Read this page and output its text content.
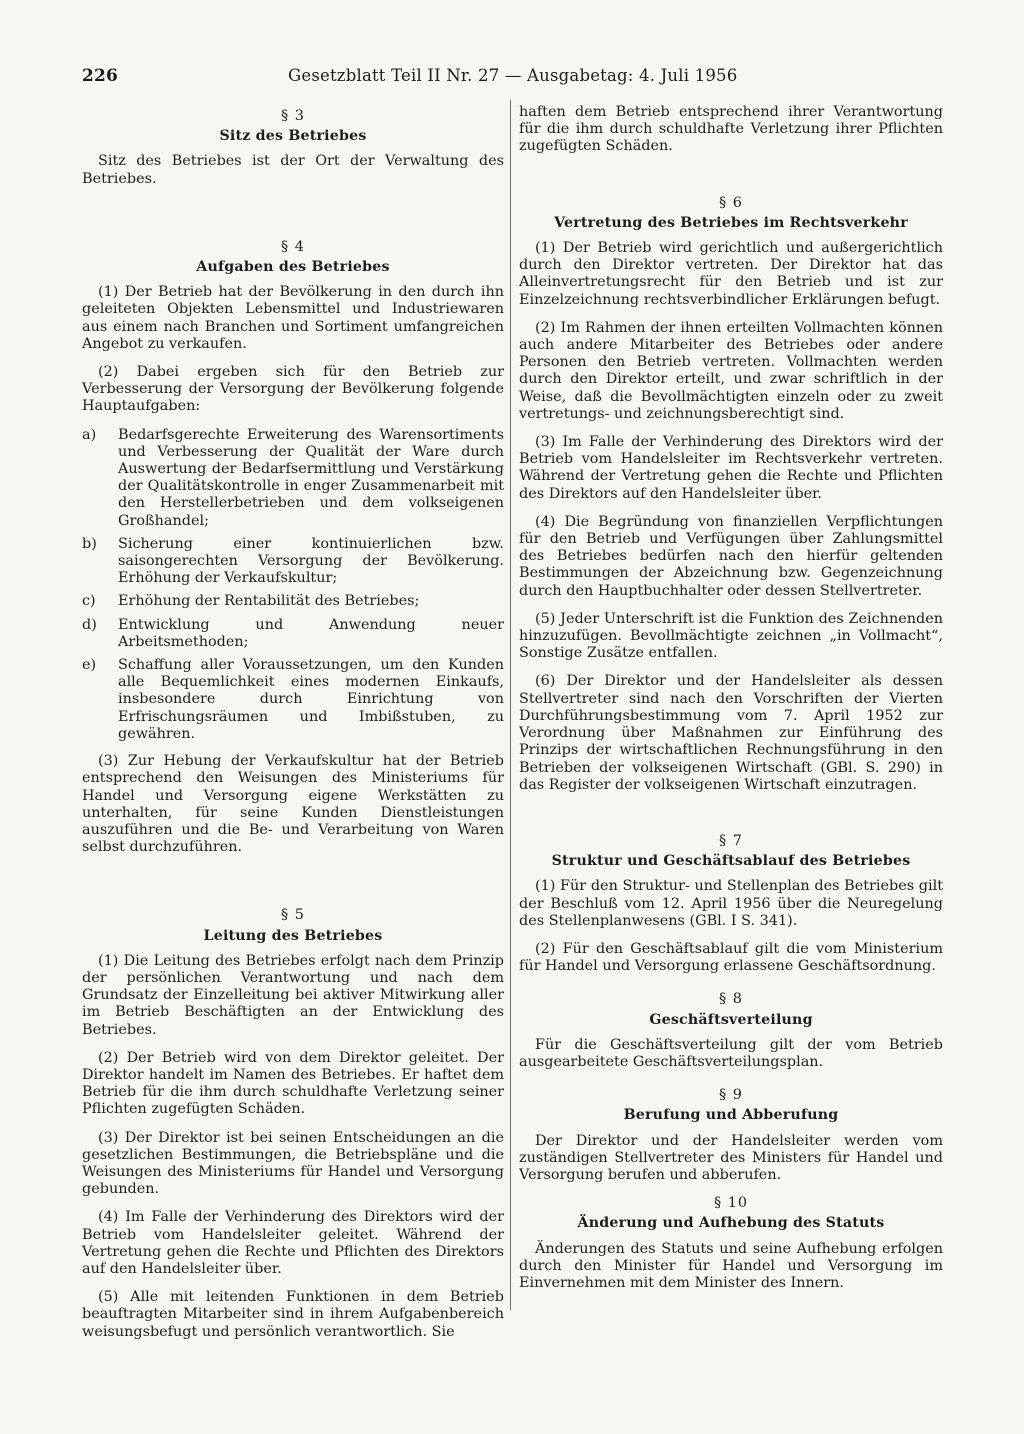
226	Gesetzblatt Teil II Nr. 27 — Ausgabetag: 4. Juli 1956
§ 3
Sitz des Betriebes

Sitz des Betriebes ist der Ort der Verwaltung des Betriebes.

§ 4
Aufgaben des Betriebes

(1) Der Betrieb hat der Bevölkerung in den durch ihn geleiteten Objekten Lebensmittel und Industriewaren aus einem nach Branchen und Sortiment umfangreichen Angebot zu verkaufen.

(2) Dabei ergeben sich für den Betrieb zur Verbesserung der Versorgung der Bevölkerung folgende Hauptaufgaben:

a)	Bedarfsgerechte Erweiterung des Warensortiments und Verbesserung der Qualität der Ware durch Auswertung der Bedarfsermittlung und Verstärkung der Qualitätskontrolle in enger Zusammenarbeit mit den Herstellerbetrieben und dem volkseigenen Großhandel;
b)	Sicherung einer kontinuierlichen bzw. saisongerechten Versorgung der Bevölkerung. Erhöhung der Verkaufskultur;
c)	Erhöhung der Rentabilität des Betriebes;
d)	Entwicklung und Anwendung neuer Arbeitsmethoden;
e)	Schaffung aller Voraussetzungen, um den Kunden alle Bequemlichkeit eines modernen Einkaufs, insbesondere durch Einrichtung von Erfrischungsräumen und Imbißstuben, zu gewähren.

(3) Zur Hebung der Verkaufskultur hat der Betrieb entsprechend den Weisungen des Ministeriums für Handel und Versorgung eigene Werkstätten zu unterhalten, für seine Kunden Dienstleistungen auszuführen und die Be- und Verarbeitung von Waren selbst durchzuführen.

§ 5
Leitung des Betriebes

(1) Die Leitung des Betriebes erfolgt nach dem Prinzip der persönlichen Verantwortung und nach dem Grundsatz der Einzelleitung bei aktiver Mitwirkung aller im Betrieb Beschäftigten an der Entwicklung des Betriebes.

(2) Der Betrieb wird von dem Direktor geleitet. Der Direktor handelt im Namen des Betriebes. Er haftet dem Betrieb für die ihm durch schuldhafte Verletzung seiner Pflichten zugefügten Schäden.

(3) Der Direktor ist bei seinen Entscheidungen an die gesetzlichen Bestimmungen, die Betriebspläne und die Weisungen des Ministeriums für Handel und Versorgung gebunden.

(4) Im Falle der Verhinderung des Direktors wird der Betrieb vom Handelsleiter geleitet. Während der Vertretung gehen die Rechte und Pflichten des Direktors auf den Handelsleiter über.

(5) Alle mit leitenden Funktionen in dem Betrieb beauftragten Mitarbeiter sind in ihrem Aufgabenbereich weisungsbefugt und persönlich verantwortlich. Sie

haften dem Betrieb entsprechend ihrer Verantwortung für die ihm durch schuldhafte Verletzung ihrer Pflichten zugefügten Schäden.

§ 6
Vertretung des Betriebes im Rechtsverkehr

(1) Der Betrieb wird gerichtlich und außergerichtlich durch den Direktor vertreten. Der Direktor hat das Alleinvertretungsrecht für den Betrieb und ist zur Einzelzeichnung rechtsverbindlicher Erklärungen befugt.

(2) Im Rahmen der ihnen erteilten Vollmachten können auch andere Mitarbeiter des Betriebes oder andere Personen den Betrieb vertreten. Vollmachten werden durch den Direktor erteilt, und zwar schriftlich in der Weise, daß die Bevollmächtigten einzeln oder zu zweit vertretungs- und zeichnungsberechtigt sind.

(3) Im Falle der Verhinderung des Direktors wird der Betrieb vom Handelsleiter im Rechtsverkehr vertreten. Während der Vertretung gehen die Rechte und Pflichten des Direktors auf den Handelsleiter über.

(4) Die Begründung von finanziellen Verpflichtungen für den Betrieb und Verfügungen über Zahlungsmittel des Betriebes bedürfen nach den hierfür geltenden Bestimmungen der Abzeichnung bzw. Gegenzeichnung durch den Hauptbuchhalter oder dessen Stellvertreter.

(5) Jeder Unterschrift ist die Funktion des Zeichnenden hinzuzufügen. Bevollmächtigte zeichnen „in Vollmacht“, Sonstige Zusätze entfallen.

(6) Der Direktor und der Handelsleiter als dessen Stellvertreter sind nach den Vorschriften der Vierten Durchführungsbestimmung vom 7. April 1952 zur Verordnung über Maßnahmen zur Einführung des Prinzips der wirtschaftlichen Rechnungsführung in den Betrieben der volkseigenen Wirtschaft (GBl. S. 290) in das Register der volkseigenen Wirtschaft einzutragen.

§ 7
Struktur und Geschäftsablauf des Betriebes

(1) Für den Struktur- und Stellenplan des Betriebes gilt der Beschluß vom 12. April 1956 über die Neuregelung des Stellenplanwesens (GBl. I S. 341).

(2) Für den Geschäftsablauf gilt die vom Ministerium für Handel und Versorgung erlassene Geschäftsordnung.

§ 8
Geschäftsverteilung

Für die Geschäftsverteilung gilt der vom Betrieb ausgearbeitete Geschäftsverteilungsplan.

§ 9
Berufung und Abberufung

Der Direktor und der Handelsleiter werden vom zuständigen Stellvertreter des Ministers für Handel und Versorgung berufen und abberufen.

§ 10
Änderung und Aufhebung des Statuts

Änderungen des Statuts und seine Aufhebung erfolgen durch den Minister für Handel und Versorgung im Einvernehmen mit dem Minister des Innern.
